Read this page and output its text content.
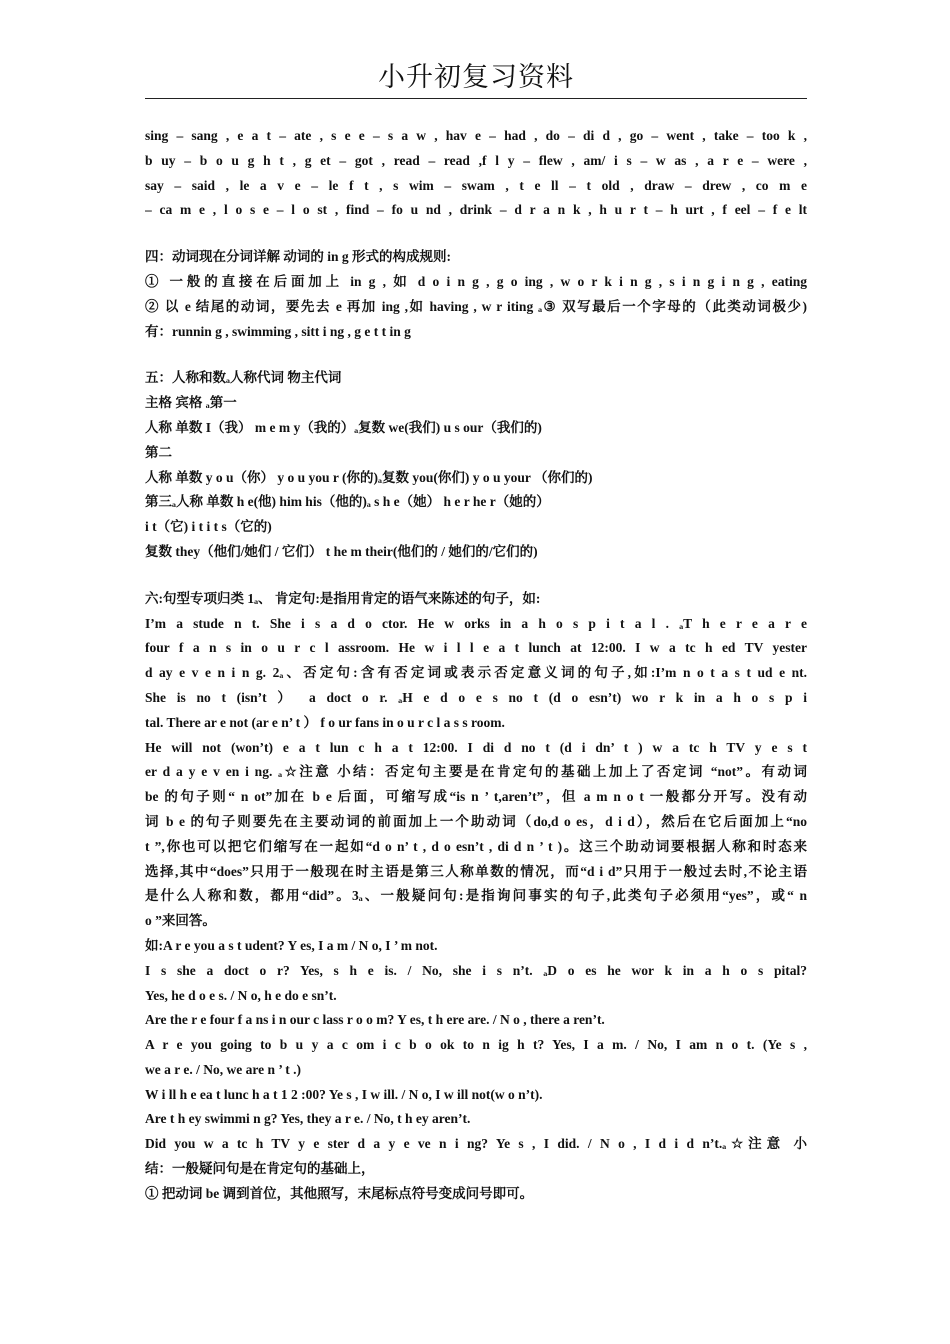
小升初复习资料
sing – sang , e a t – ate , s e e – s a w , hav e – had , do – di d , go – went , take – too k ,
b uy – b o u g h t , g et – got , read – read ,f l y – flew , am/ i s – w as , a r e – were ,
say – said , le a v e – le f t , s wim – swam , t e ll – t old , draw – drew , co m e
– ca m e , l o s e – l o st , find – fo u nd , drink – d r a n k , h u r t – h urt , f eel – f e lt
四：动词现在分词详解 动词的 in g 形式的构成规则:
① 一般的直接在后面加上 in g , 如 d o i n g , g o ing , w o r k i n g , s i n g i n g , eating
② 以 e 结尾的动词，要先去 e 再加 ing ,如 having , w r iting ₐ③ 双写最后一个字母的（此类动词极少)
有：runnin g , swimming , sitt i ng , g e t t in g
五：人称和数ₐ人称代词 物主代词
主格 宾格 ₐ第一
人称 单数 I（我） m e m y（我的）ₐ复数 we(我们) u s our（我们的)
第二
人称 单数 y o u（你） y o u you r (你的)ₐ复数 you(你们) y o u your （你们的)
第三ₐ人称 单数 h e(他) him his（他的)ₐ s h e（她） h e r he r（她的）
i t（它) i t i t s（它的)
复数 they（他们/她们 / 它们） t he m their(他们的 / 她们的/它们的)
六:句型专项归类 1ₐ、 肯定句:是指用肯定的语气来陈述的句子，如:
I’m a stude n t. She i s a d o ctor. He w orks in a h o s p i t a l . ₐT h e r e a r e
four f a n s in o u r c l assroom. He w i l l e a t lunch at 12:00. I w a tc h ed TV yester
d ay e v e n i n g. 2ₐ、否定句:含有否定词或表示否定意义词的句子,如:I’m n o t a s t ud e nt.
She is no t (isn’t ） a doct o r. ₐH e d o e s no t (d o esn’t) wo r k in a h o s p i
tal. There ar e not (ar e n’ t ） f o ur fans in o u r c l a s s room.
He will not (won’t) e a t lun c h a t 12:00. I di d no t (d i dn’ t ) w a tc h TV y e s t
er d a y e v en i ng. ₐ☆注意 小结：否定句主要是在肯定句的基础上加上了否定词 “not”。有动词
be 的句子则“ n ot”加在 b e 后面，可缩写成“is n ’ t,aren’t”，但 a m n o t 一般都分开写。没有动
词 b e 的句子则要先在主要动词的前面加上一个助动词（do,d o es，d i d），然后在它后面加上“no
t ”,你也可以把它们缩写在一起如“d o n’ t , d o esn’t , di d n ’ t )。这三个助动词要根据人称和时态来
选择,其中“does”只用于一般现在时主语是第三人称单数的情况，而“d i d”只用于一般过去时,不论主语
是什么人称和数，都用“did”。3ₐ、一般疑问句:是指询问事实的句子,此类句子必须用“yes”，或“ n
o ”来回答。
如:A r e you a s t udent? Y es, I a m / N o, I ’ m not.
I s she a doct o r? Yes, s h e is. / No, she i s n’t. ₐD o es he wor k in a h o s pital?
Yes, he d o e s. / N o, h e do e sn’t.
Are the r e four f a ns i n our c lass r o o m? Y es, t h ere are. / N o , there a ren’t.
A r e you going to b u y a c om i c b o ok to n ig h t? Yes, I a m. / No, I am n o t. (Ye s ,
we a r e. / No, we are n ’ t .)
W i ll h e ea t lunc h a t 1 2 :00? Ye s , I w ill. / N o, I w ill not(w o n’t).
Are t h ey swimmi n g? Yes, they a r e. / No, t h ey aren’t.
Did you w a tc h TV y e ster d a y e ve n i ng? Ye s , I did. / N o , I d i d n’t.ₐ☆注意 小
结：一般疑问句是在肯定句的基础上，
① 把动词 be 调到首位，其他照写，末尾标点符号变成问号即可。
